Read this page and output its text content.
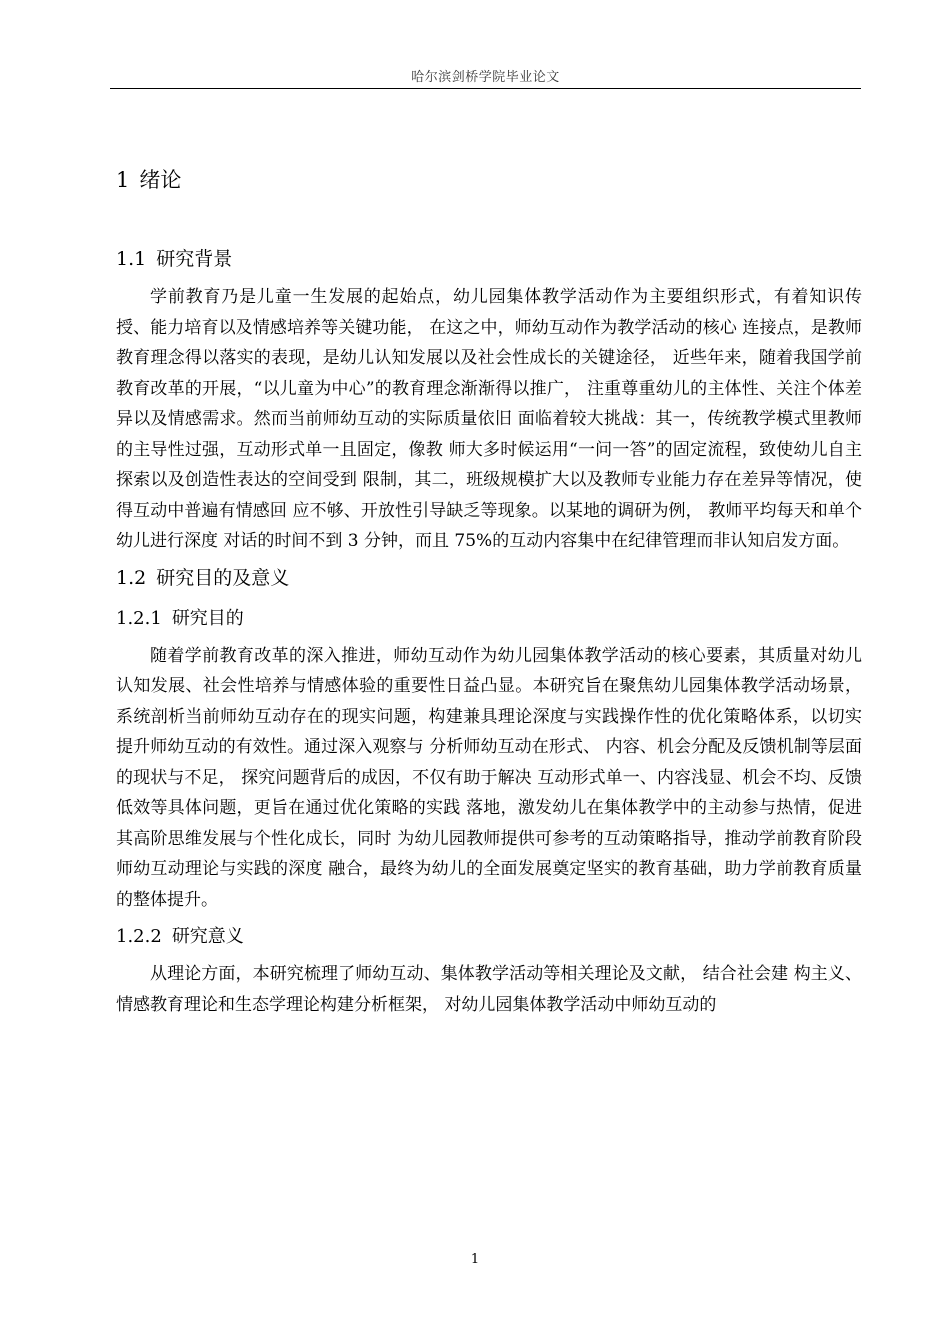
哈尔滨剑桥学院毕业论文
1 绪论
1.1 研究背景

学前教育乃是儿童一生发展的起始点，幼儿园集体教学活动作为主要组织形式，有着知识传授、能力培育以及情感培养等关键功能， 在这之中，师幼互动作为教学活动的核心 连接点，是教师教育理念得以落实的表现，是幼儿认知发展以及社会性成长的关键途径， 近些年来，随着我国学前教育改革的开展，“以儿童为中心”的教育理念渐渐得以推广， 注重尊重幼儿的主体性、关注个体差异以及情感需求。然而当前师幼互动的实际质量依旧 面临着较大挑战：其一，传统教学模式里教师的主导性过强，互动形式单一且固定，像教 师大多时候运用“一问一答”的固定流程，致使幼儿自主探索以及创造性表达的空间受到 限制，其二，班级规模扩大以及教师专业能力存在差异等情况，使得互动中普遍有情感回 应不够、开放性引导缺乏等现象。以某地的调研为例， 教师平均每天和单个幼儿进行深度 对话的时间不到 3 分钟，而且 75%的互动内容集中在纪律管理而非认知启发方面。

1.2 研究目的及意义
1.2.1 研究目的

随着学前教育改革的深入推进，师幼互动作为幼儿园集体教学活动的核心要素，其质量对幼儿认知发展、社会性培养与情感体验的重要性日益凸显。本研究旨在聚焦幼儿园集体教学活动场景，系统剖析当前师幼互动存在的现实问题，构建兼具理论深度与实践操作性的优化策略体系，以切实提升师幼互动的有效性。通过深入观察与 分析师幼互动在形式、 内容、机会分配及反馈机制等层面的现状与不足， 探究问题背后的成因，不仅有助于解决 互动形式单一、内容浅显、机会不均、反馈低效等具体问题，更旨在通过优化策略的实践 落地，激发幼儿在集体教学中的主动参与热情，促进其高阶思维发展与个性化成长，同时 为幼儿园教师提供可参考的互动策略指导，推动学前教育阶段师幼互动理论与实践的深度 融合，最终为幼儿的全面发展奠定坚实的教育基础，助力学前教育质量的整体提升。

1.2.2 研究意义

从理论方面，本研究梳理了师幼互动、集体教学活动等相关理论及文献， 结合社会建 构主义、情感教育理论和生态学理论构建分析框架， 对幼儿园集体教学活动中师幼互动的

1
